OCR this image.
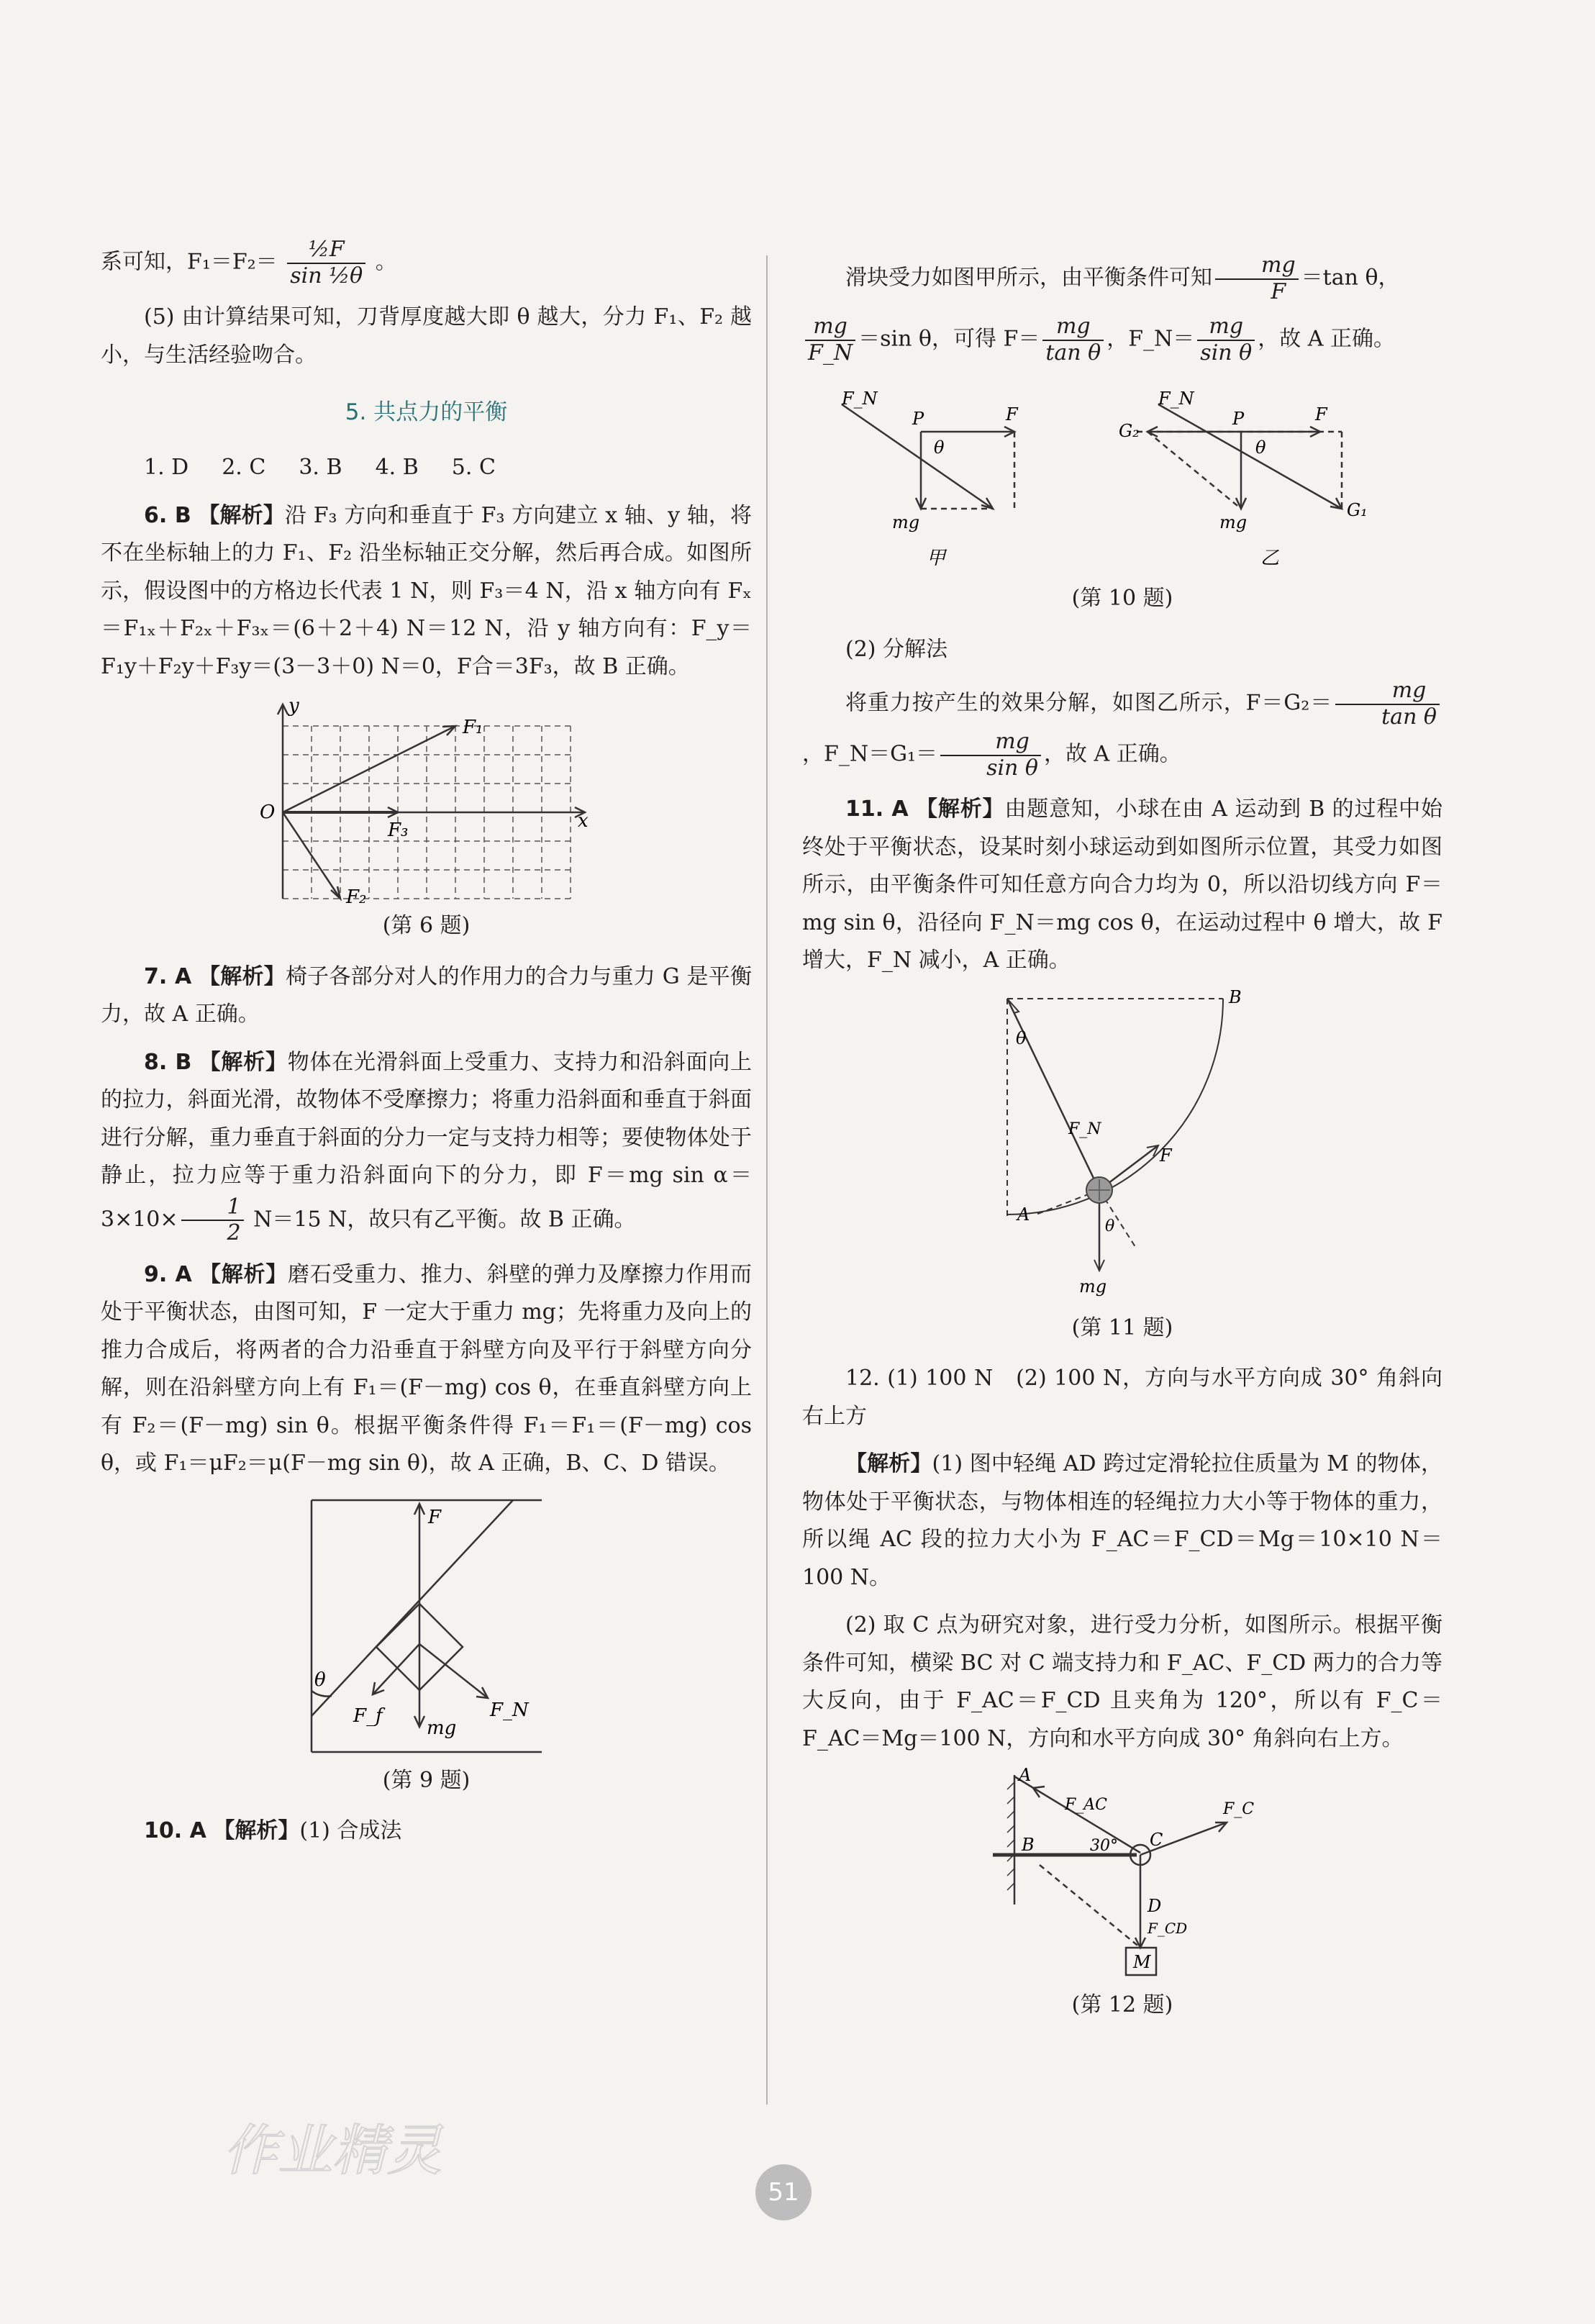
系可知，$F_1=F_2= \frac{\text{½F}}{\text{sin ½θ}}$ 。

(5) 由计算结果可知，刀背厚度越大即 θ 越大，分力 F₁、F₂ 越小，与生活经验吻合。

5. 共点力的平衡

1. D 2. C 3. B 4. B 5. C

6. B 【解析】沿 F₃ 方向和垂直于 F₃ 方向建立 x 轴、y 轴，将不在坐标轴上的力 F₁、F₂ 沿坐标轴正交分解，然后再合成。如图所示，假设图中的方格边长代表 1 N，则 F₃＝4 N，沿 x 轴方向有 Fₓ＝F₁ₓ＋F₂ₓ＋F₃ₓ＝(6＋2＋4) N＝12 N，沿 y 轴方向有：F_y＝F₁y＋F₂y＋F₃y＝(3－3＋0) N＝0，F合＝3F₃，故 B 正确。

y
x
O
F₁
F₂
F₃
(第 6 题)

7. A 【解析】椅子各部分对人的作用力的合力与重力 G 是平衡力，故 A 正确。

8. B 【解析】物体在光滑斜面上受重力、支持力和沿斜面向上的拉力，斜面光滑，故物体不受摩擦力；将重力沿斜面和垂直于斜面进行分解，重力垂直于斜面的分力一定与支持力相等；要使物体处于静止，拉力应等于重力沿斜面向下的分力，即 F＝mg $\sin \alpha=3\times 10\times \frac{1}{2} N=15$ N，故只有乙平衡。故 B 正确。

9. A 【解析】磨石受重力、推力、斜壁的弹力及摩擦力作用而处于平衡状态，由图可知，F 一定大于重力 mg；先将重力及向上的推力合成后，将两者的合力沿垂直于斜壁方向及平行于斜壁方向分解，则在沿斜壁方向上有 F₁＝(F－mg) cos θ，在垂直斜壁方向上有 F₂＝(F－mg) sin θ。根据平衡条件得 F₁＝F₁＝(F－mg) cos θ，或 F₁＝μF₂＝μ(F－mg sin θ)，故 A 正确，B、C、D 错误。

F
θ
F_f
mg
F_N
(第 9 题)

10. A 【解析】(1) 合成法

滑块受力如图甲所示，由平衡条件可知 $\frac{mg}{F} =\tan$ θ，

$\frac{mg}{F\_N} =\sin$ θ，可得 $F= \frac{mg}{\text{tan θ}}$ ，F_N＝ $\frac{mg}{\text{sin θ}}$ ，故 A 正确。

F_N
P	F
θ
mg
F_N
P	F
θ
mg
G₁
G₂
甲	乙
(第 10 题)

(2) 分解法

将重力按产生的效果分解，如图乙所示，$F=G_2= \frac{mg}{\text{tan θ}}$
，F_N＝G₁＝ $\frac{mg}{\text{sin θ}}$ ，故 A 正确。

11. A 【解析】由题意知，小球在由 A 运动到 B 的过程中始终处于平衡状态，设某时刻小球运动到如图所示位置，其受力如图所示，由平衡条件可知任意方向合力均为 0，所以沿切线方向 F＝mg sin θ，沿径向 F_N＝mg cos θ，在运动过程中 θ 增大，故 F 增大，F_N 减小，A 正确。

B
θ
F_N
F
A
θ
mg
(第 11 题)

12. (1) 100 N　(2) 100 N，方向与水平方向成 30° 角斜向右上方

【解析】(1) 图中轻绳 AD 跨过定滑轮拉住质量为 M 的物体，物体处于平衡状态，与物体相连的轻绳拉力大小等于物体的重力，所以绳 AC 段的拉力大小为 F_AC＝F_CD＝Mg＝10×10 N＝100 N。

(2) 取 C 点为研究对象，进行受力分析，如图所示。根据平衡条件可知，横梁 BC 对 C 端支持力和 F_AC、F_CD 两力的合力等大反向，由于 F_AC＝F_CD 且夹角为 120°，所以有 F_C＝F_AC＝Mg＝100 N，方向和水平方向成 30° 角斜向右上方。

A
F_AC
B	30° C
F_C
D
F_CD
M
(第 12 题)
作业精灵
51
